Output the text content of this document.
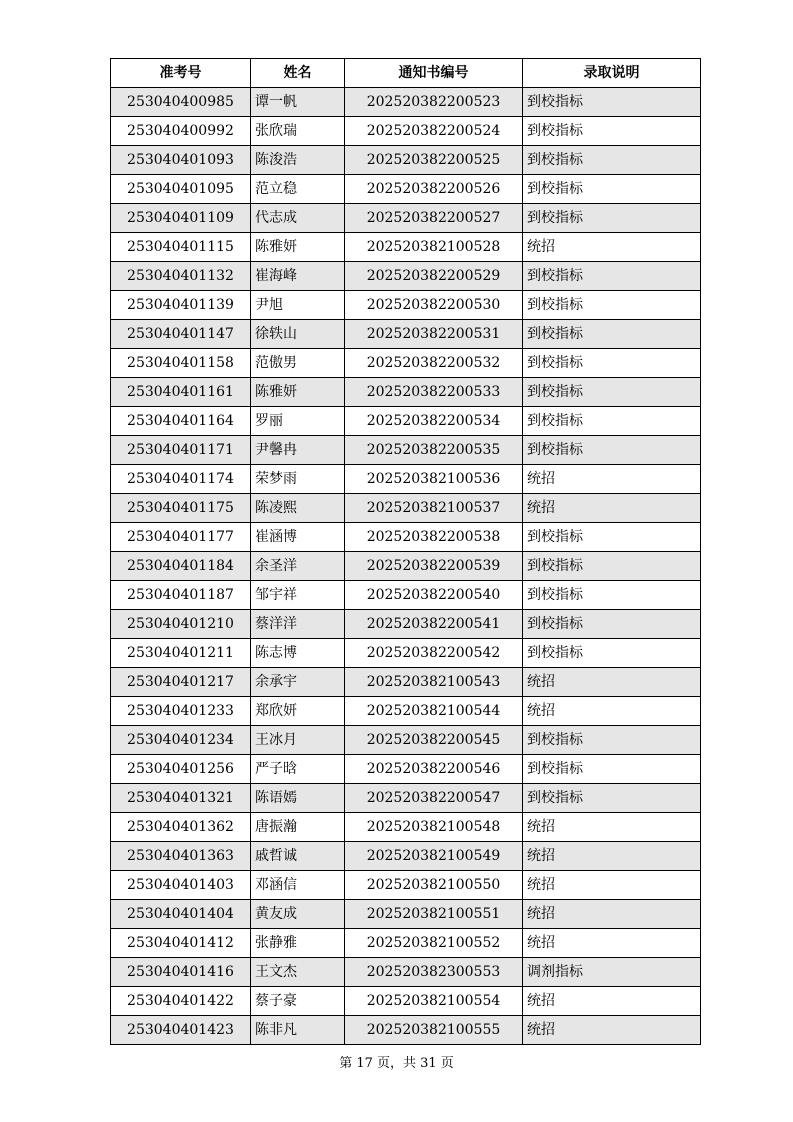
准考号	姓名	通知书编号	录取说明
253040400985	谭一帆	202520382200523	到校指标
253040400992	张欣瑞	202520382200524	到校指标
253040401093	陈浚浩	202520382200525	到校指标
253040401095	范立稳	202520382200526	到校指标
253040401109	代志成	202520382200527	到校指标
253040401115	陈雅妍	202520382100528	统招
253040401132	崔海峰	202520382200529	到校指标
253040401139	尹旭	202520382200530	到校指标
253040401147	徐轶山	202520382200531	到校指标
253040401158	范傲男	202520382200532	到校指标
253040401161	陈雅妍	202520382200533	到校指标
253040401164	罗丽	202520382200534	到校指标
253040401171	尹馨冉	202520382200535	到校指标
253040401174	荣梦雨	202520382100536	统招
253040401175	陈凌熙	202520382100537	统招
253040401177	崔涵博	202520382200538	到校指标
253040401184	余圣洋	202520382200539	到校指标
253040401187	邹宇祥	202520382200540	到校指标
253040401210	蔡洋洋	202520382200541	到校指标
253040401211	陈志博	202520382200542	到校指标
253040401217	余承宇	202520382100543	统招
253040401233	郑欣妍	202520382100544	统招
253040401234	王冰月	202520382200545	到校指标
253040401256	严子晗	202520382200546	到校指标
253040401321	陈语嫣	202520382200547	到校指标
253040401362	唐振瀚	202520382100548	统招
253040401363	戚哲诚	202520382100549	统招
253040401403	邓涵信	202520382100550	统招
253040401404	黄友成	202520382100551	统招
253040401412	张静雅	202520382100552	统招
253040401416	王文杰	202520382300553	调剂指标
253040401422	蔡子豪	202520382100554	统招
253040401423	陈非凡	202520382100555	统招
第 17 页，共 31 页
